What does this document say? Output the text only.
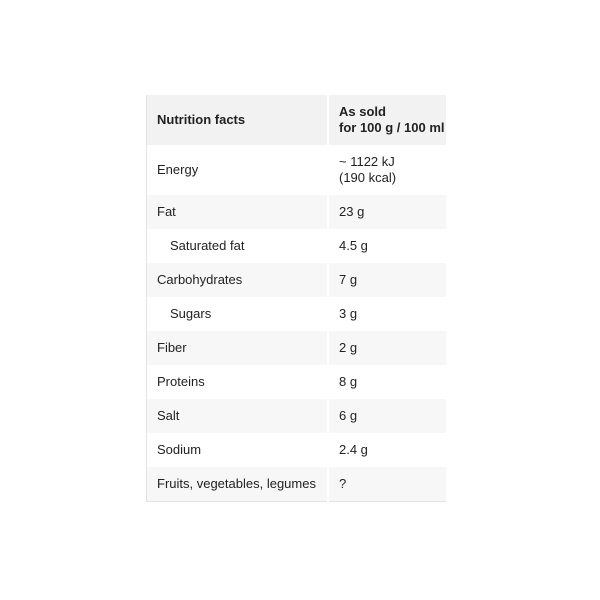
Nutrition facts	As sold
for 100 g / 100 ml

Energy	~ 1122 kJ
(190 kcal)

Fat	23 g
Saturated fat	4.5 g
Carbohydrates	7 g
Sugars	3 g
Fiber	2 g
Proteins	8 g
Salt	6 g
Sodium	2.4 g
Fruits, vegetables, legumes	?
